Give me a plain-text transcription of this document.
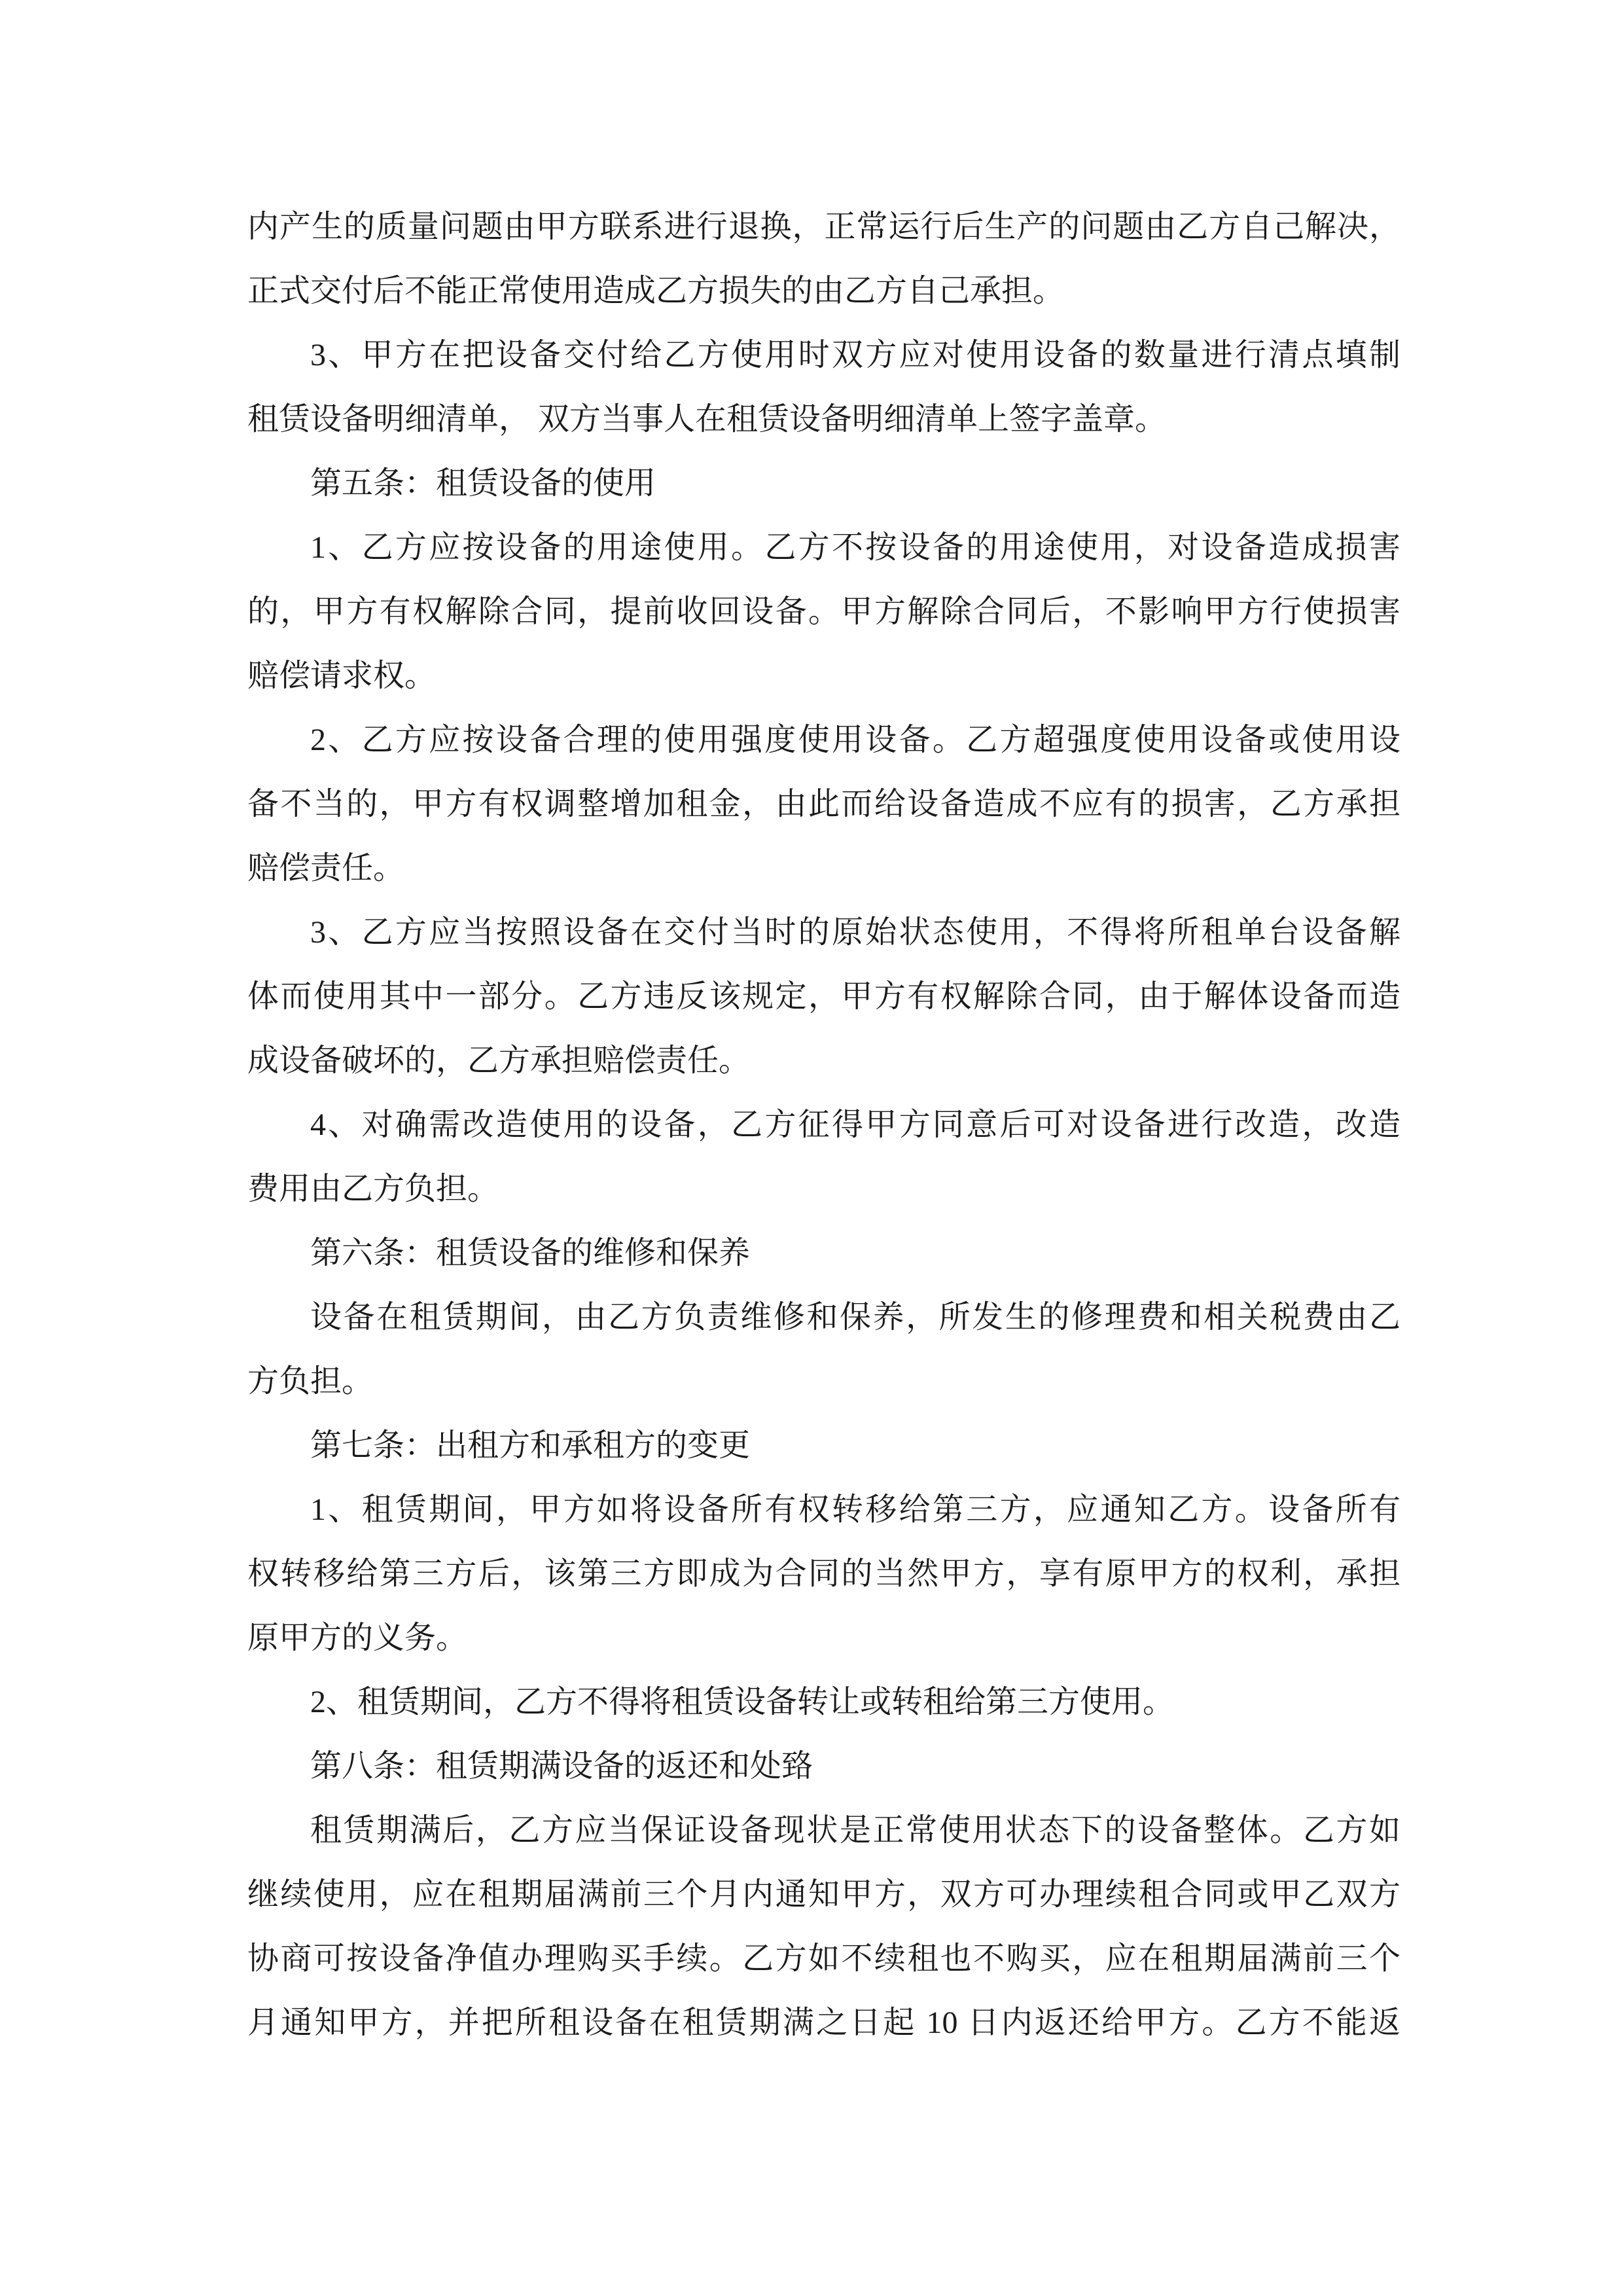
内产生的质量问题由甲方联系进行退换，正常运行后生产的问题由乙方自己解决，
正式交付后不能正常使用造成乙方损失的由乙方自己承担。
3、甲方在把设备交付给乙方使用时双方应对使用设备的数量进行清点填制
租赁设备明细清单， 双方当事人在租赁设备明细清单上签字盖章。
第五条：租赁设备的使用
1、乙方应按设备的用途使用。乙方不按设备的用途使用，对设备造成损害
的，甲方有权解除合同，提前收回设备。甲方解除合同后，不影响甲方行使损害
赔偿请求权。
2、乙方应按设备合理的使用强度使用设备。乙方超强度使用设备或使用设
备不当的，甲方有权调整增加租金，由此而给设备造成不应有的损害，乙方承担
赔偿责任。
3、乙方应当按照设备在交付当时的原始状态使用，不得将所租单台设备解
体而使用其中一部分。乙方违反该规定，甲方有权解除合同，由于解体设备而造
成设备破坏的，乙方承担赔偿责任。
4、对确需改造使用的设备，乙方征得甲方同意后可对设备进行改造，改造
费用由乙方负担。
第六条：租赁设备的维修和保养
设备在租赁期间，由乙方负责维修和保养，所发生的修理费和相关税费由乙
方负担。
第七条：出租方和承租方的变更
1、租赁期间，甲方如将设备所有权转移给第三方，应通知乙方。设备所有
权转移给第三方后，该第三方即成为合同的当然甲方，享有原甲方的权利，承担
原甲方的义务。
2、租赁期间，乙方不得将租赁设备转让或转租给第三方使用。
第八条：租赁期满设备的返还和处臵
租赁期满后，乙方应当保证设备现状是正常使用状态下的设备整体。乙方如
继续使用，应在租期届满前三个月内通知甲方，双方可办理续租合同或甲乙双方
协商可按设备净值办理购买手续。乙方如不续租也不购买，应在租期届满前三个
月通知甲方，并把所租设备在租赁期满之日起 10 日内返还给甲方。乙方不能返
